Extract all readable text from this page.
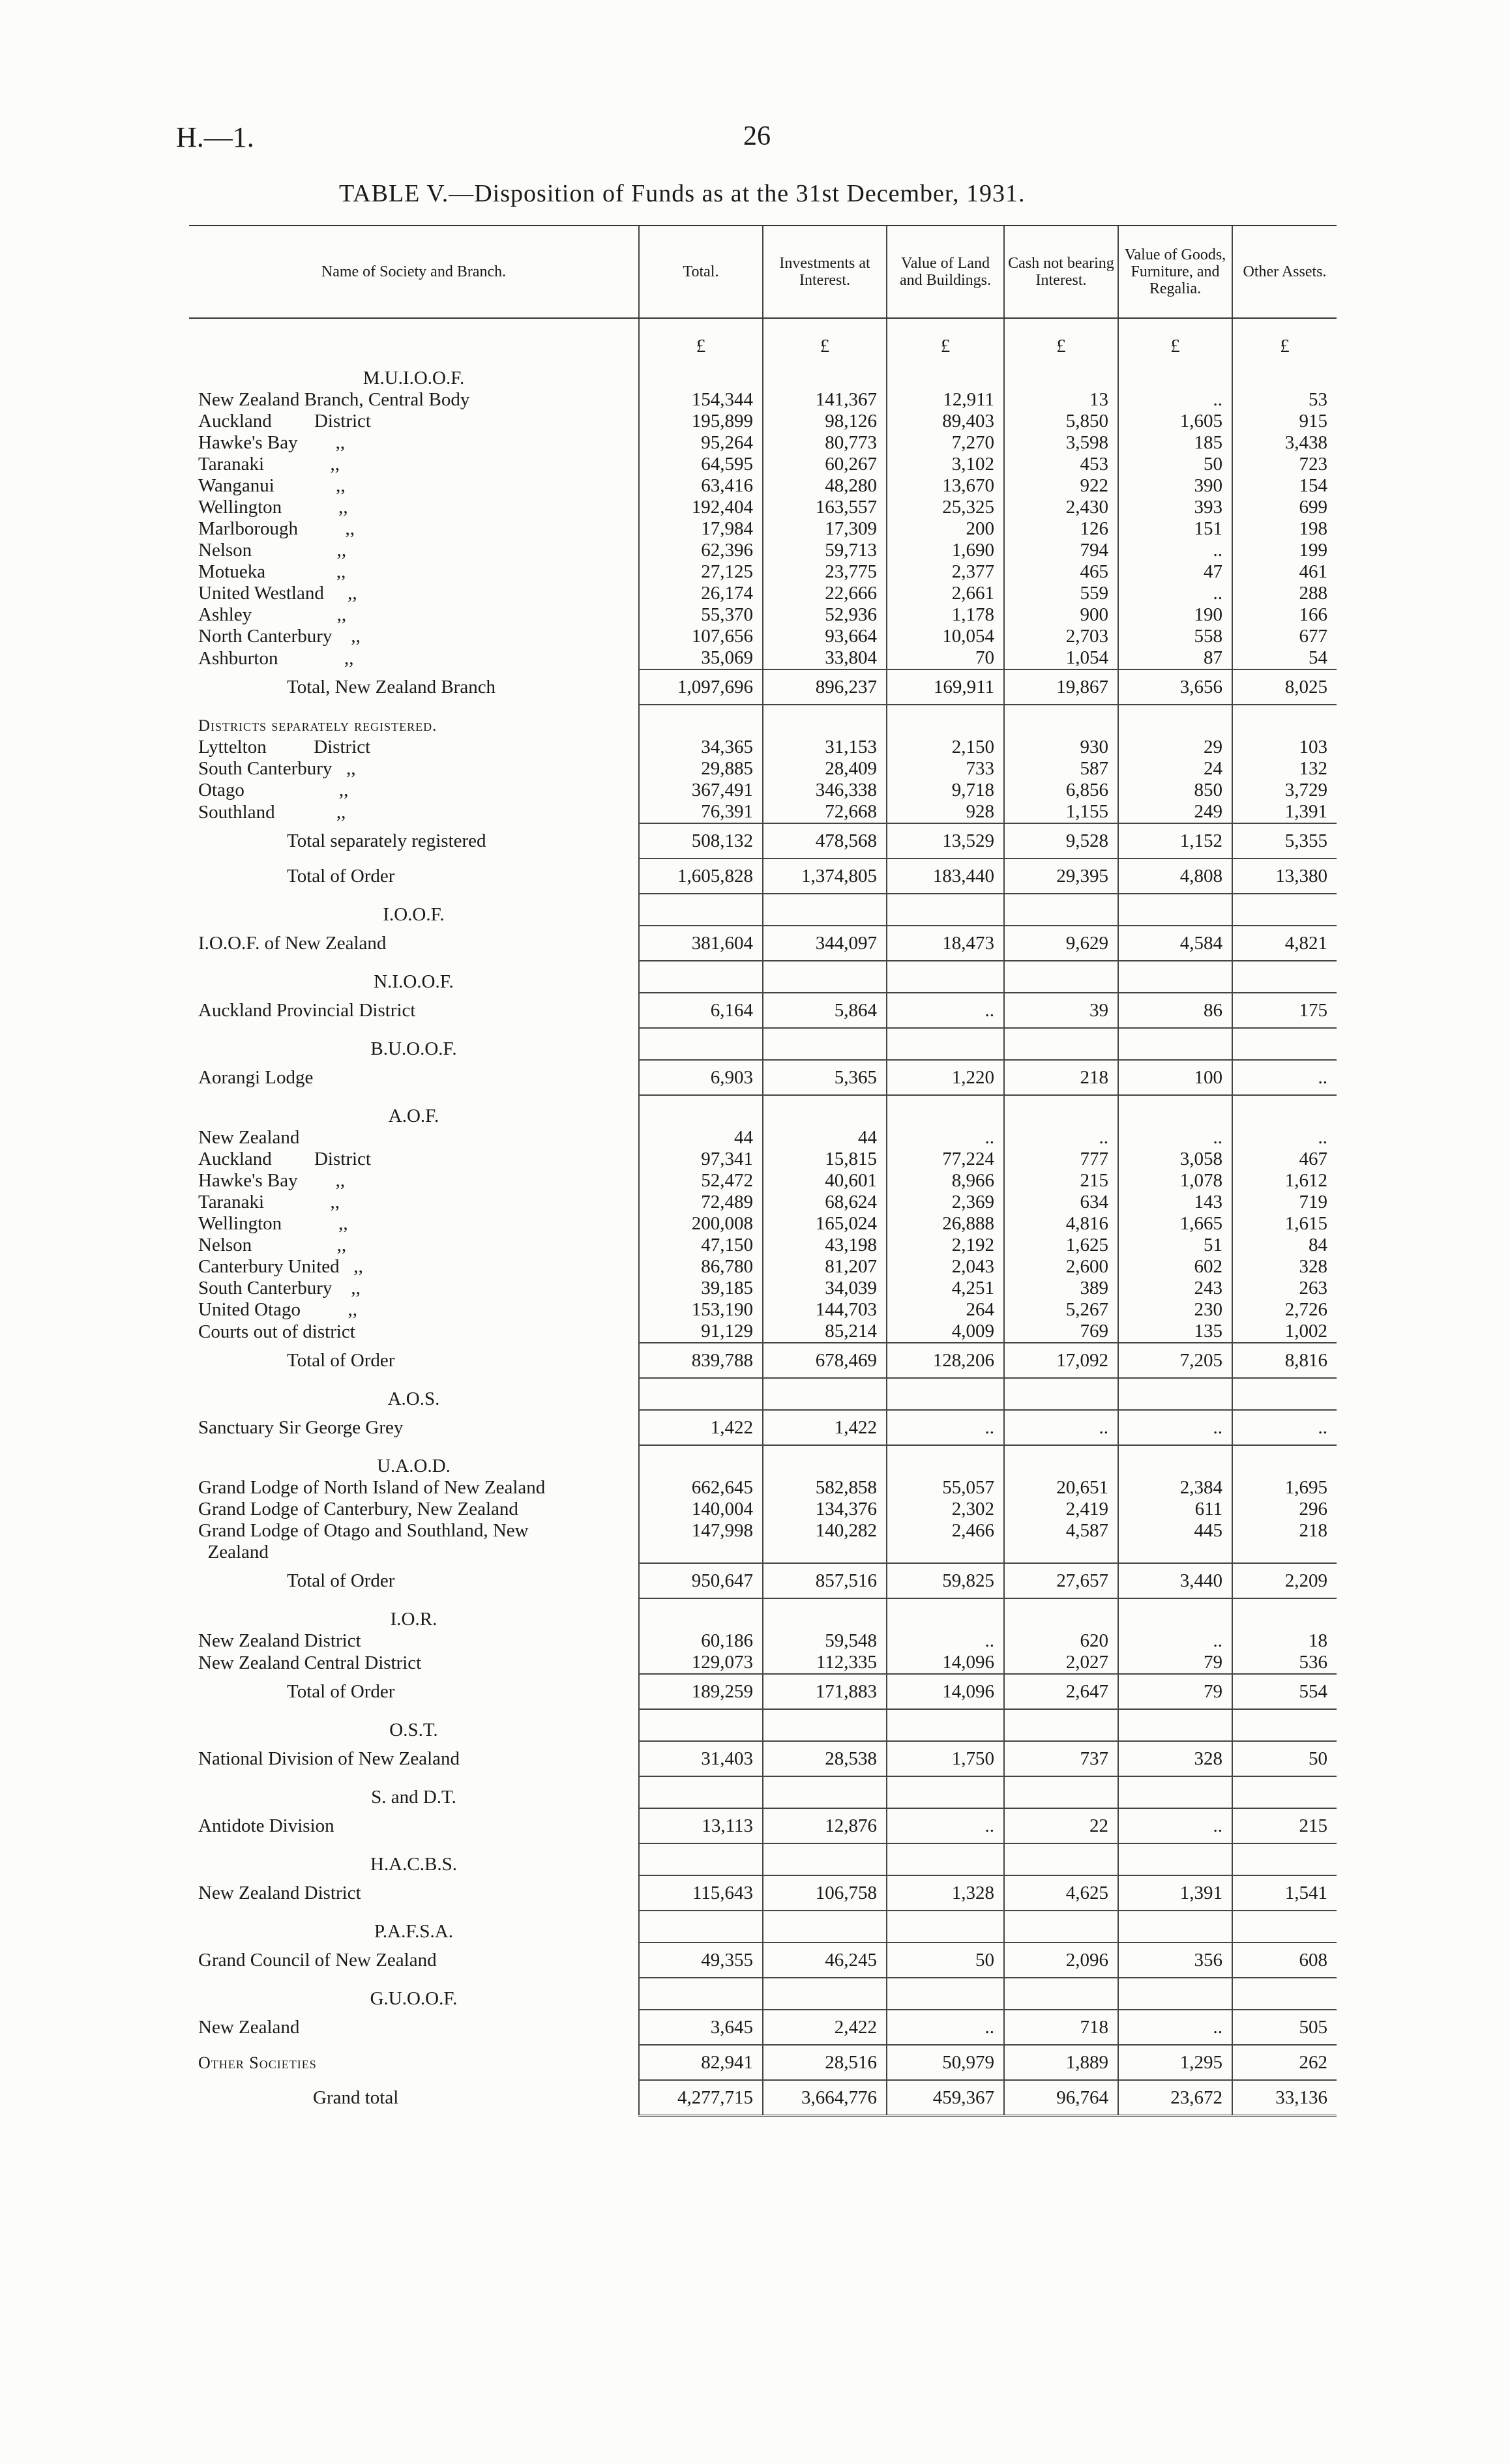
H.—1.	26
TABLE V.—Disposition of Funds as at the 31st December, 1931.
Name of Society and Branch.	Total.	Investments at Interest.	Value of Land and Buildings.	Cash not bearing Interest.	Value of Goods, Furniture, and Regalia.	Other Assets.
	£	£	£	£	£	£
M.U.I.O.O.F.						
New Zealand Branch, Central Body	154,344	141,367	12,911	13	..	53
Auckland         District	195,899	98,126	89,403	5,850	1,605	915
Hawke's Bay        ,,	95,264	80,773	7,270	3,598	185	3,438
Taranaki              ,,	64,595	60,267	3,102	453	50	723
Wanganui             ,,	63,416	48,280	13,670	922	390	154
Wellington            ,,	192,404	163,557	25,325	2,430	393	699
Marlborough          ,,	17,984	17,309	200	126	151	198
Nelson                  ,,	62,396	59,713	1,690	794	..	199
Motueka               ,,	27,125	23,775	2,377	465	47	461
United Westland     ,,	26,174	22,666	2,661	559	..	288
Ashley                  ,,	55,370	52,936	1,178	900	190	166
North Canterbury    ,,	107,656	93,664	10,054	2,703	558	677
Ashburton              ,,	35,069	33,804	70	1,054	87	54
Total, New Zealand Branch	1,097,696	896,237	169,911	19,867	3,656	8,025
Districts separately registered.						
Lyttelton          District	34,365	31,153	2,150	930	29	103
South Canterbury   ,,	29,885	28,409	733	587	24	132
Otago                    ,,	367,491	346,338	9,718	6,856	850	3,729
Southland             ,,	76,391	72,668	928	1,155	249	1,391
Total separately registered	508,132	478,568	13,529	9,528	1,152	5,355
Total of Order	1,605,828	1,374,805	183,440	29,395	4,808	13,380
I.O.O.F.						
I.O.O.F. of New Zealand	381,604	344,097	18,473	9,629	4,584	4,821
N.I.O.O.F.						
Auckland Provincial District	6,164	5,864	..	39	86	175
B.U.O.O.F.						
Aorangi Lodge	6,903	5,365	1,220	218	100	..
A.O.F.						
New Zealand	44	44	..	..	..	..
Auckland         District	97,341	15,815	77,224	777	3,058	467
Hawke's Bay        ,,	52,472	40,601	8,966	215	1,078	1,612
Taranaki              ,,	72,489	68,624	2,369	634	143	719
Wellington            ,,	200,008	165,024	26,888	4,816	1,665	1,615
Nelson                  ,,	47,150	43,198	2,192	1,625	51	84
Canterbury United   ,,	86,780	81,207	2,043	2,600	602	328
South Canterbury    ,,	39,185	34,039	4,251	389	243	263
United Otago          ,,	153,190	144,703	264	5,267	230	2,726
Courts out of district	91,129	85,214	4,009	769	135	1,002
Total of Order	839,788	678,469	128,206	17,092	7,205	8,816
A.O.S.						
Sanctuary Sir George Grey	1,422	1,422	..	..	..	..
U.A.O.D.						
Grand Lodge of North Island of New Zealand	662,645	582,858	55,057	20,651	2,384	1,695
Grand Lodge of Canterbury, New Zealand	140,004	134,376	2,302	2,419	611	296
Grand Lodge of Otago and Southland, New	147,998	140,282	2,466	4,587	445	218
Zealand						
Total of Order	950,647	857,516	59,825	27,657	3,440	2,209
I.O.R.						
New Zealand District	60,186	59,548	..	620	..	18
New Zealand Central District	129,073	112,335	14,096	2,027	79	536
Total of Order	189,259	171,883	14,096	2,647	79	554
O.S.T.						
National Division of New Zealand	31,403	28,538	1,750	737	328	50
S. and D.T.						
Antidote Division	13,113	12,876	..	22	..	215
H.A.C.B.S.						
New Zealand District	115,643	106,758	1,328	4,625	1,391	1,541
P.A.F.S.A.						
Grand Council of New Zealand	49,355	46,245	50	2,096	356	608
G.U.O.O.F.						
New Zealand	3,645	2,422	..	718	..	505
Other Societies	82,941	28,516	50,979	1,889	1,295	262
Grand total	4,277,715	3,664,776	459,367	96,764	23,672	33,136
